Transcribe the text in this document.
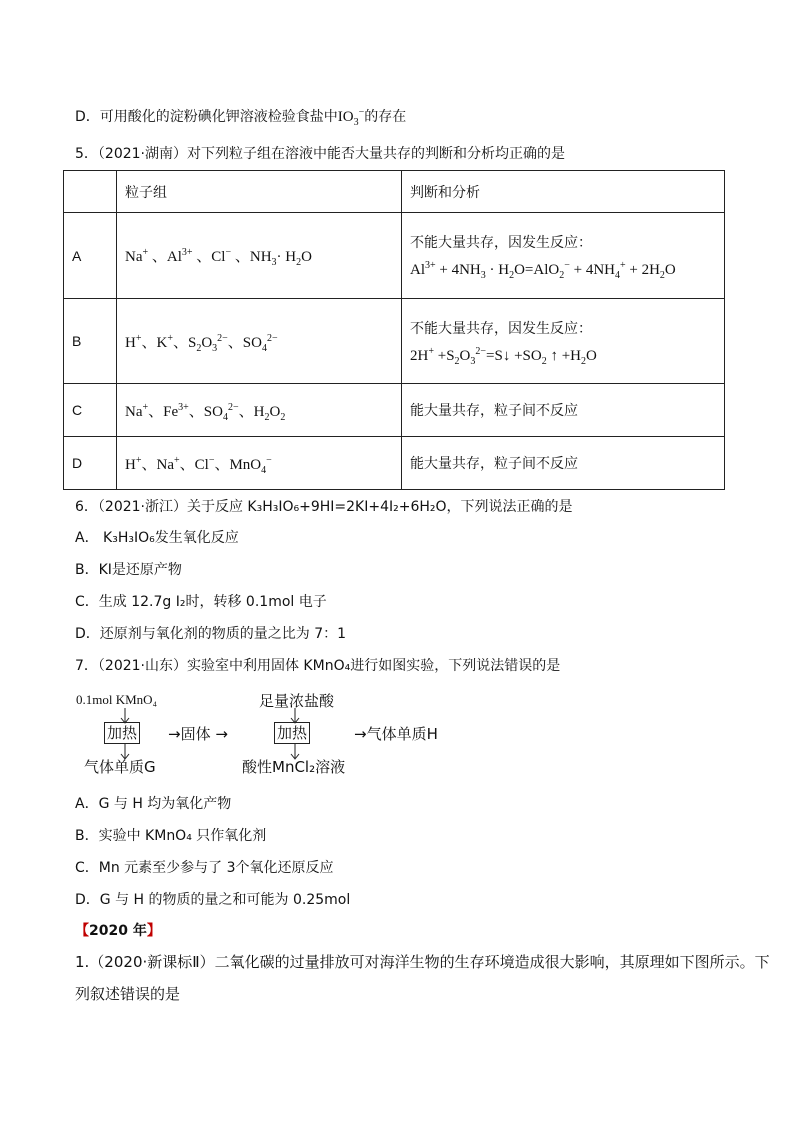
D．可用酸化的淀粉碘化钾溶液检验食盐中$IO_3^-$的存在
5．（2021·湖南）对下列粒子组在溶液中能否大量共存的判断和分析均正确的是
	粒子组	判断和分析
A	Na+ 、$Al^{3+}$ 、Cl− 、$NH_3\cdot H_2O$	不能大量共存，因发生反应：
$Al^{3+} + 4NH_3 \cdot H_2O=AlO_2^- + 4NH_4^+ + 2H_2O$

B	H+、K+、$S_2O_3^{2-}$、$SO_4^{2-}$	不能大量共存，因发生反应：
$2H^+ +S_2O_3^{2-}=S↓ +SO_2$ ↑ $+H_2O$

C	Na+、$Fe^{3+}$、$SO_4^{2-}$、$H_2O_2$	能大量共存，粒子间不反应
D	H+、Na+、Cl−、MnO$_4$−	能大量共存，粒子间不反应
6．（2021·浙江）关于反应 K₃H₃IO₆+9HI=2KI+4I₂+6H₂O，下列说法正确的是
A． K₃H₃IO₆发生氧化反应
B．KI是还原产物
C．生成 12.7g I₂时，转移 0.1mol 电子
D．还原剂与氧化剂的物质的量之比为 7：1
7．（2021·山东）实验室中利用固体 KMnO₄进行如图实验，下列说法错误的是
0.1mol KMnO₄
加热
气体单质G
→固体 →
足量浓盐酸
加热
酸性MnCl₂溶液
→气体单质H
A．G 与 H 均为氧化产物
B．实验中 KMnO₄ 只作氧化剂
C．Mn 元素至少参与了 3个氧化还原反应
D．G 与 H 的物质的量之和可能为 0.25mol
【2020 年】
1.（2020·新课标Ⅱ）二氧化碳的过量排放可对海洋生物的生存环境造成很大影响，其原理如下图所示。下
列叙述错误的是
